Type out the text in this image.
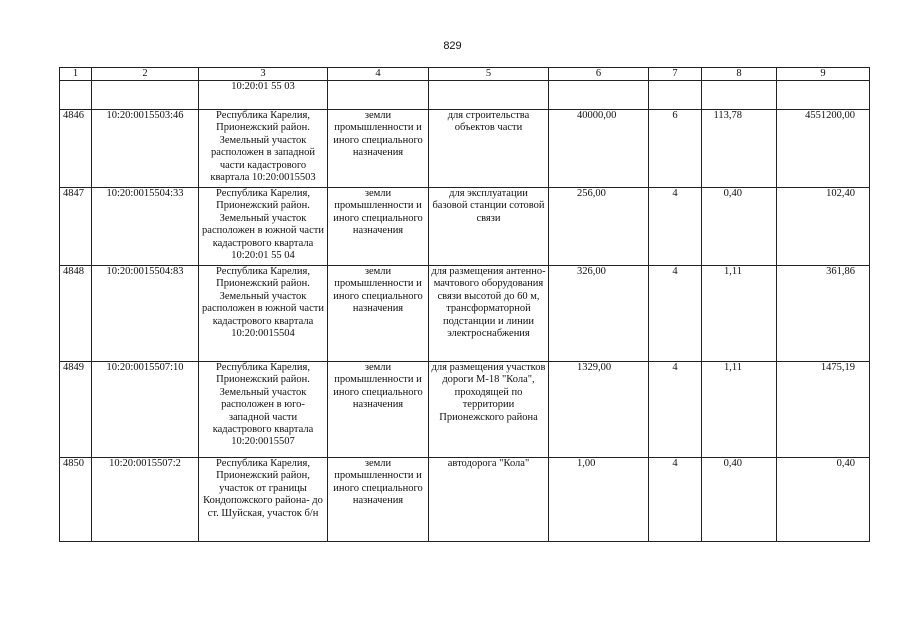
829
1	2	3	4	5	6	7	8	9
		10:20:01 55 03						
4846	10:20:0015503:46	Республика Карелия, Прионежский район. Земельный участок расположен в западной части кадастрового квартала 10:20:0015503	земли промышленности и иного специального назначения	для строительства объектов части	40000,00	6	113,78	4551200,00
4847	10:20:0015504:33	Республика Карелия, Прионежский район. Земельный участок расположен в южной части кадастрового квартала 10:20:01 55 04	земли промышленности и иного специального назначения	для эксплуатации базовой станции сотовой связи	256,00	4	0,40	102,40
4848	10:20:0015504:83	Республика Карелия, Прионежский район. Земельный участок расположен в южной части кадастрового квартала 10:20:0015504	земли промышленности и иного специального назначения	для размещения антенно-мачтового оборудования связи высотой до 60 м, трансформаторной подстанции и линии электроснабжения	326,00	4	1,11	361,86
4849	10:20:0015507:10	Республика Карелия, Прионежский район. Земельный участок расположен в юго-западной части кадастрового квартала 10:20:0015507	земли промышленности и иного специального назначения	для размещения участков дороги М-18 "Кола", проходящей по территории Прионежского района	1329,00	4	1,11	1475,19
4850	10:20:0015507:2	Республика Карелия, Прионежский район, участок от границы Кондопожского района- до ст. Шуйская, участок б/н	земли промышленности и иного специального назначения	автодорога "Кола"	1,00	4	0,40	0,40
